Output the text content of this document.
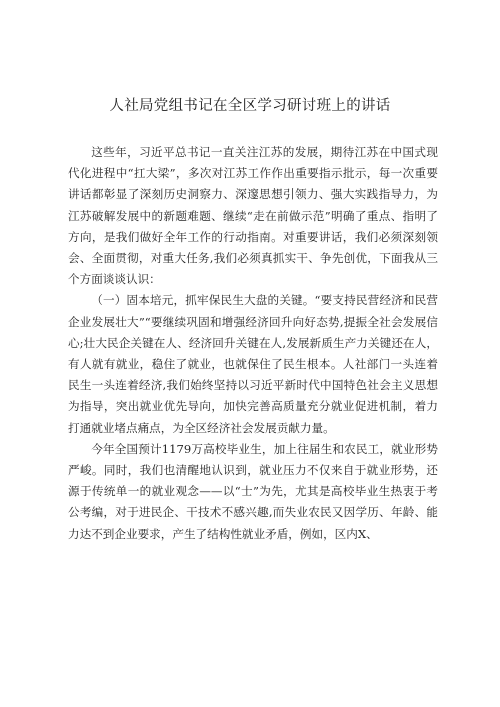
人社局党组书记在全区学习研讨班上的讲话

这些年，习近平总书记一直关注江苏的发展，期待江苏在中国式现代化进程中“扛大梁”，多次对江苏工作作出重要指示批示，每一次重要讲话都彰显了深刻历史洞察力、深邃思想引领力、强大实践指导力，为江苏破解发展中的新题难题、继续“走在前做示范”明确了重点、指明了方向，是我们做好全年工作的行动指南。对重要讲话，我们必须深刻领会、全面贯彻，对重大任务,我们必须真抓实干、争先创优，下面我从三个方面谈谈认识：

（一）固本培元，抓牢保民生大盘的关键。“要支持民营经济和民营企业发展壮大”“要继续巩固和增强经济回升向好态势,提振全社会发展信心;壮大民企关键在人、经济回升关键在人,发展新质生产力关键还在人，有人就有就业，稳住了就业，也就保住了民生根本。人社部门一头连着民生一头连着经济,我们始终坚持以习近平新时代中国特色社会主义思想为指导，突出就业优先导向，加快完善高质量充分就业促进机制，着力打通就业堵点痛点，为全区经济社会发展贡献力量。

今年全国预计1179万高校毕业生，加上往届生和农民工，就业形势严峻。同时，我们也清醒地认识到，就业压力不仅来自于就业形势，还源于传统单一的就业观念——以“士”为先，尤其是高校毕业生热衷于考公考编，对于进民企、干技术不感兴趣,而失业农民又因学历、年龄、能力达不到企业要求，产生了结构性就业矛盾，例如，区内X、
